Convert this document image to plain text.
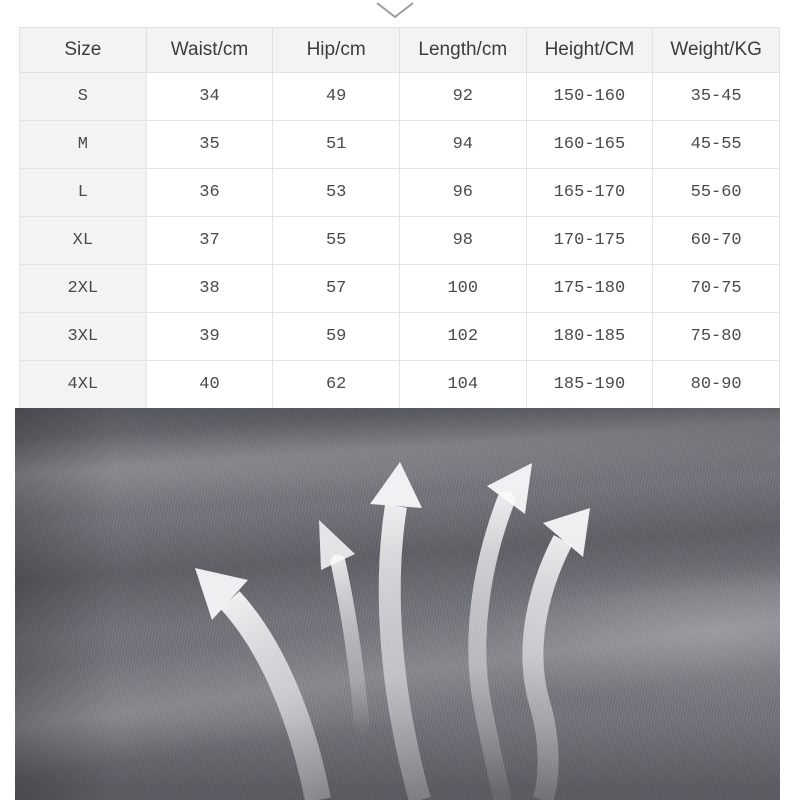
Size	Waist/cm	Hip/cm	Length/cm	Height/CM	Weight/KG
S	34	49	92	150-160	35-45
M	35	51	94	160-165	45-55
L	36	53	96	165-170	55-60
XL	37	55	98	170-175	60-70
2XL	38	57	100	175-180	70-75
3XL	39	59	102	180-185	75-80
4XL	40	62	104	185-190	80-90
